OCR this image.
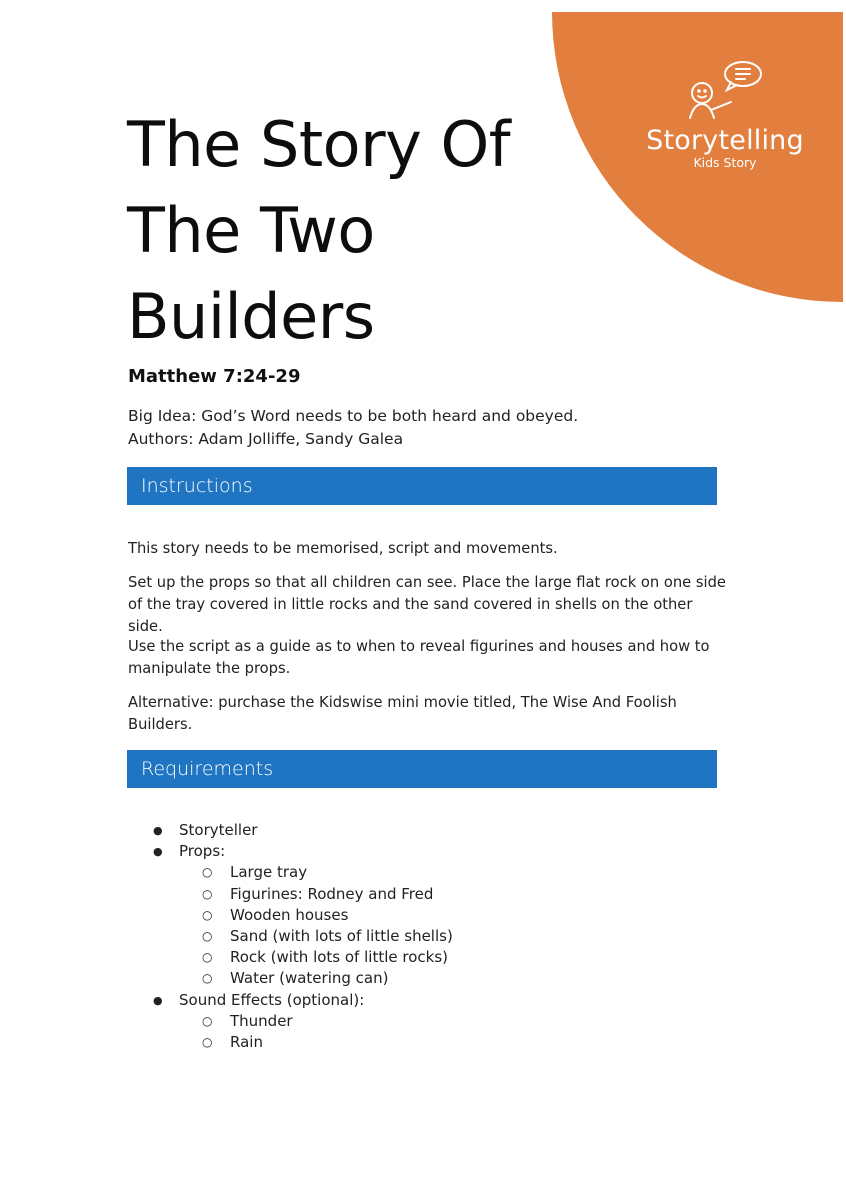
Storytelling
Kids Story
The Story Of
The Two
Builders
Matthew 7:24-29
Big Idea: God’s Word needs to be both heard and obeyed.
Authors: Adam Jolliffe, Sandy Galea
Instructions
This story needs to be memorised, script and movements.
Set up the props so that all children can see. Place the large flat rock on one side of the tray covered in little rocks and the sand covered in shells on the other side.
Use the script as a guide as to when to reveal figurines and houses and how to manipulate the props.
Alternative: purchase the Kidswise mini movie titled, The Wise And Foolish Builders.
Requirements
● Storyteller
● Props:
○ Large tray
○ Figurines: Rodney and Fred
○ Wooden houses
○ Sand (with lots of little shells)
○ Rock (with lots of little rocks)
○ Water (watering can)
● Sound Effects (optional):
○ Thunder
○ Rain
